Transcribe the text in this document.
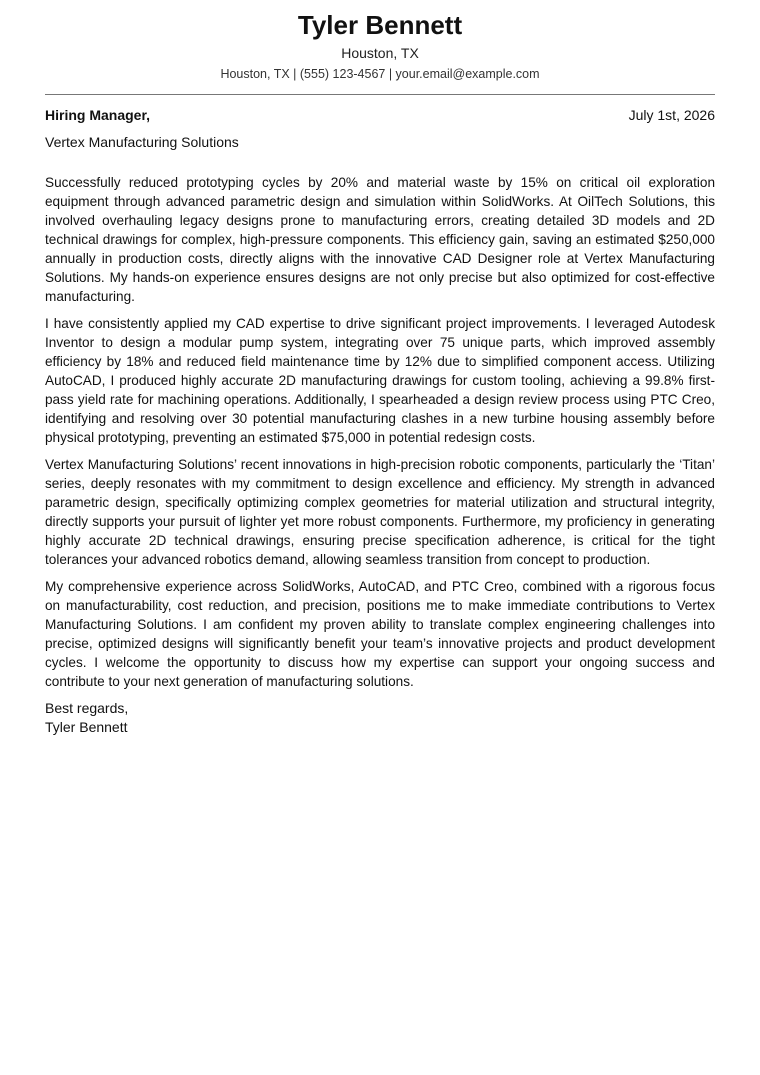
Tyler Bennett
Houston, TX
Houston, TX | (555) 123-4567 | your.email@example.com
Hiring Manager,	July 1st, 2026
Vertex Manufacturing Solutions

Successfully reduced prototyping cycles by 20% and material waste by 15% on critical oil exploration equipment through advanced parametric design and simulation within SolidWorks. At OilTech Solutions, this involved overhauling legacy designs prone to manufacturing errors, creating detailed 3D models and 2D technical drawings for complex, high-pressure components. This efficiency gain, saving an estimated $250,000 annually in production costs, directly aligns with the innovative CAD Designer role at Vertex Manufacturing Solutions. My hands-on experience ensures designs are not only precise but also optimized for cost-effective manufacturing.

I have consistently applied my CAD expertise to drive significant project improvements. I leveraged Autodesk Inventor to design a modular pump system, integrating over 75 unique parts, which improved assembly efficiency by 18% and reduced field maintenance time by 12% due to simplified component access. Utilizing AutoCAD, I produced highly accurate 2D manufacturing drawings for custom tooling, achieving a 99.8% first-pass yield rate for machining operations. Additionally, I spearheaded a design review process using PTC Creo, identifying and resolving over 30 potential manufacturing clashes in a new turbine housing assembly before physical prototyping, preventing an estimated $75,000 in potential redesign costs.

Vertex Manufacturing Solutions’ recent innovations in high-precision robotic components, particularly the ‘Titan’ series, deeply resonates with my commitment to design excellence and efficiency. My strength in advanced parametric design, specifically optimizing complex geometries for material utilization and structural integrity, directly supports your pursuit of lighter yet more robust components. Furthermore, my proficiency in generating highly accurate 2D technical drawings, ensuring precise specification adherence, is critical for the tight tolerances your advanced robotics demand, allowing seamless transition from concept to production.

My comprehensive experience across SolidWorks, AutoCAD, and PTC Creo, combined with a rigorous focus on manufacturability, cost reduction, and precision, positions me to make immediate contributions to Vertex Manufacturing Solutions. I am confident my proven ability to translate complex engineering challenges into precise, optimized designs will significantly benefit your team’s innovative projects and product development cycles. I welcome the opportunity to discuss how my expertise can support your ongoing success and contribute to your next generation of manufacturing solutions.

Best regards,
Tyler Bennett
